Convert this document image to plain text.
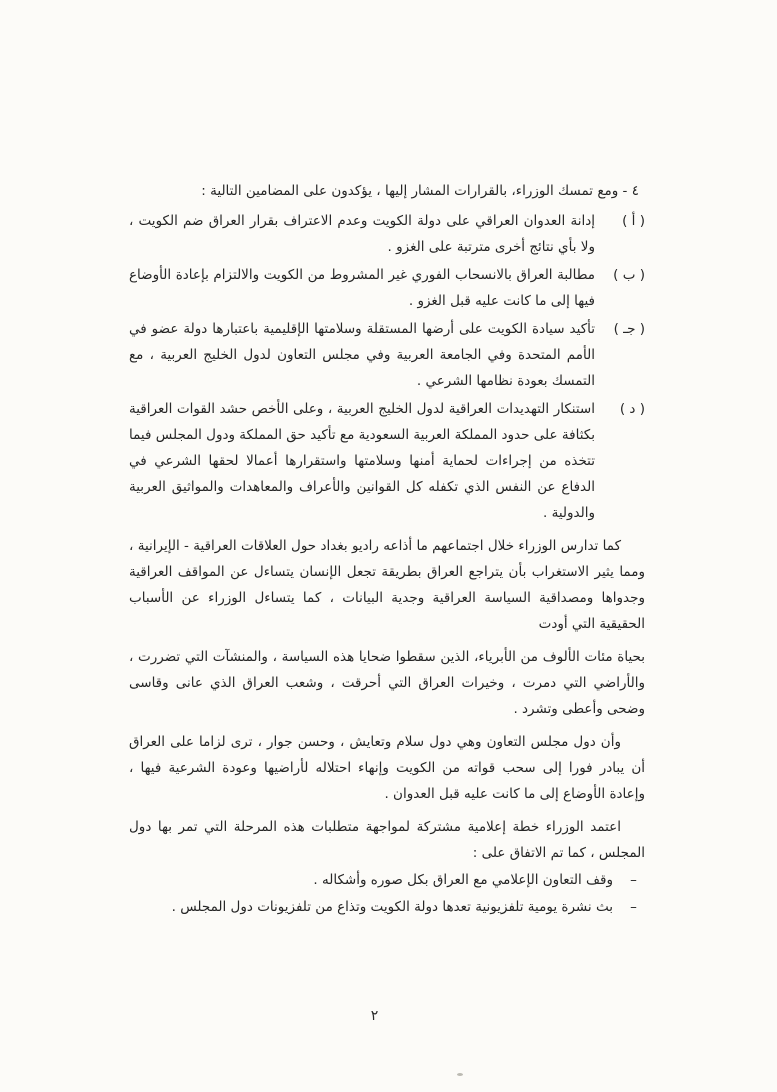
٤ - ومع تمسك الوزراء، بالقرارات المشار إليها ، يؤكدون على المضامين التالية :

( أ )
إدانة العدوان العراقي على دولة الكويت وعدم الاعتراف بقرار العراق ضم الكويت ، ولا بأي نتائج أخرى مترتبة على الغزو .
( ب )
مطالبة العراق بالانسحاب الفوري غير المشروط من الكويت والالتزام بإعادة الأوضاع فيها إلى ما كانت عليه قبل الغزو .
( جـ )
تأكيد سيادة الكويت على أرضها المستقلة وسلامتها الإقليمية باعتبارها دولة عضو في الأمم المتحدة وفي الجامعة العربية وفي مجلس التعاون لدول الخليج العربية ، مع التمسك بعودة نظامها الشرعي .
( د )
استنكار التهديدات العراقية لدول الخليج العربية ، وعلى الأخص حشد القوات العراقية بكثافة على حدود المملكة العربية السعودية مع تأكيد حق المملكة ودول المجلس فيما تتخذه من إجراءات لحماية أمنها وسلامتها واستقرارها أعمالا لحقها الشرعي في الدفاع عن النفس الذي تكفله كل القوانين والأعراف والمعاهدات والمواثيق العربية والدولية .

كما تدارس الوزراء خلال اجتماعهم ما أذاعه راديو بغداد حول العلاقات العراقية - الإيرانية ، ومما يثير الاستغراب بأن يتراجع العراق بطريقة تجعل الإنسان يتساءل عن المواقف العراقية وجدواها ومصداقية السياسة العراقية وجدية البيانات ، كما يتساءل الوزراء عن الأسباب الحقيقية التي أودت

بحياة مئات الألوف من الأبرياء، الذين سقطوا ضحايا هذه السياسة ، والمنشآت التي تضررت ، والأراضي التي دمرت ، وخيرات العراق التي أحرقت ، وشعب العراق الذي عانى وقاسى وضحى وأعطى وتشرد .

وأن دول مجلس التعاون وهي دول سلام وتعايش ، وحسن جوار ، ترى لزاما على العراق أن يبادر فورا إلى سحب قواته من الكويت وإنهاء احتلاله لأراضيها وعودة الشرعية فيها ، وإعادة الأوضاع إلى ما كانت عليه قبل العدوان .

اعتمد الوزراء خطة إعلامية مشتركة لمواجهة متطلبات هذه المرحلة التي تمر بها دول المجلس ، كما تم الاتفاق على :

–
وقف التعاون الإعلامي مع العراق بكل صوره وأشكاله .
–
بث نشرة يومية تلفزيونية تعدها دولة الكويت وتذاع من تلفزيونات دول المجلس .
٢
